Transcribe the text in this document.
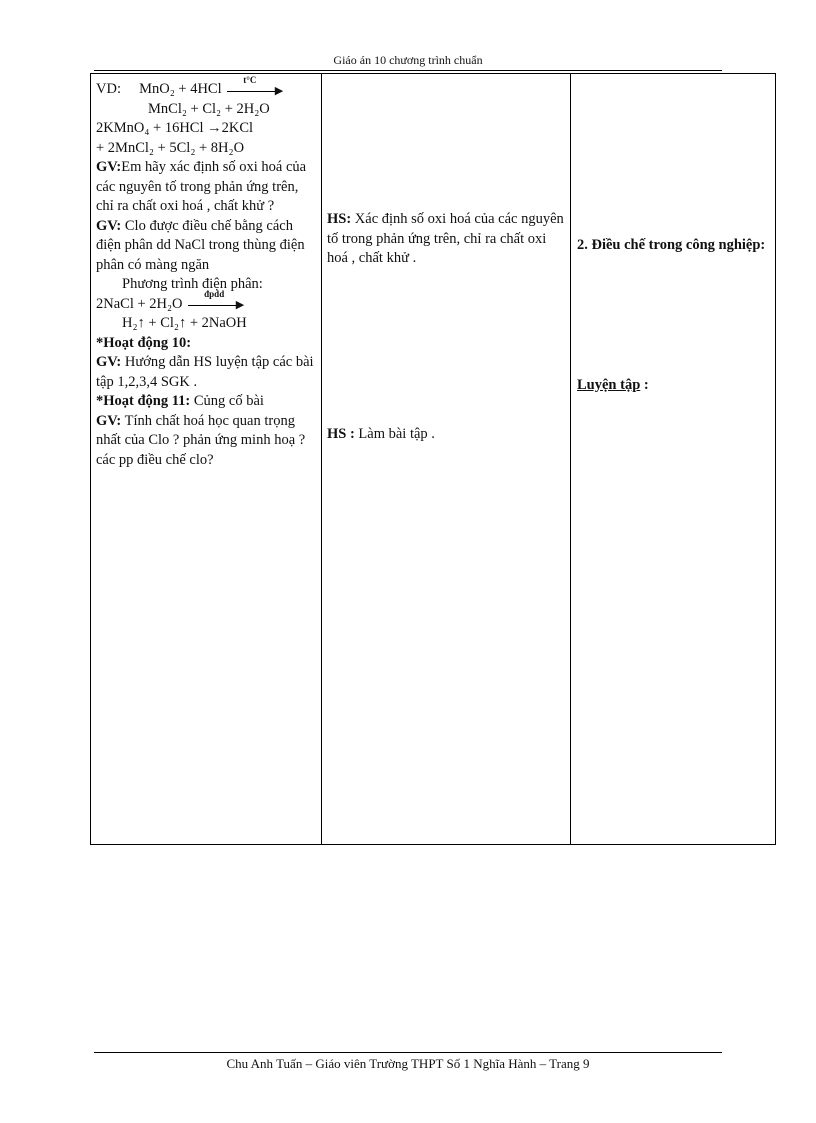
Giáo án 10 chương trình chuẩn
VD: MnO₂ + 4HCl
t°C
▶
MnCl₂ + Cl₂ + 2H₂O
2KMnO₄ + 16HCl →2KCl
+ 2MnCl₂ + 5Cl₂ + 8H₂O
GV:Em hãy xác định số oxi hoá của các nguyên tố trong phản ứng trên, chỉ ra chất oxi hoá , chất khử ?
GV: Clo được điều chế bằng cách điện phân dd NaCl trong thùng điện phân có màng ngăn
Phương trình điện phân:
2NaCl + 2H₂O
đpdd
▶
H₂↑ + Cl₂↑ + 2NaOH
*Hoạt động 10:
GV: Hướng dẫn HS luyện tập các bài tập 1,2,3,4 SGK .
*Hoạt động 11: Củng cố bài
GV: Tính chất hoá học quan trọng nhất của Clo ? phản ứng minh hoạ ? các pp điều chế clo?
HS: Xác định số oxi hoá của các nguyên tố trong phản ứng trên, chỉ ra chất oxi hoá , chất khử .
HS : Làm bài tập .
2. Điều chế trong công nghiệp:
Luyện tập :
Chu Anh Tuấn – Giáo viên Trường THPT Số 1 Nghĩa Hành – Trang 9
